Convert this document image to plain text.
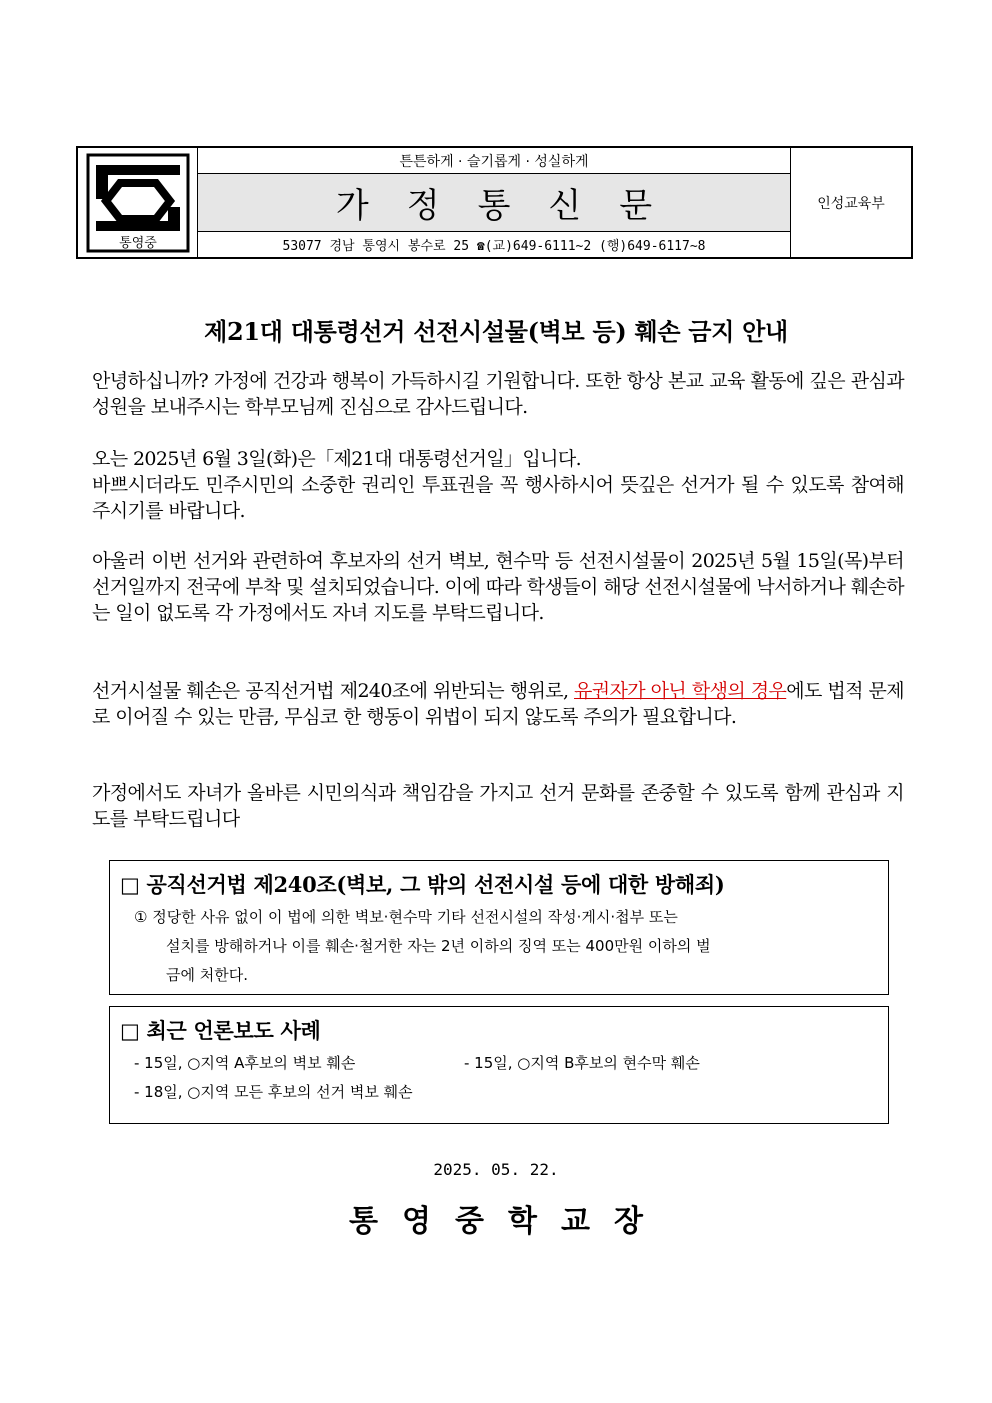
통영중
튼튼하게 · 슬기롭게 · 성실하게
가정통신문
53077 경남 통영시 봉수로 25 ☎(교)649-6111~2 (행)649-6117~8
인성교육부
제21대 대통령선거 선전시설물(벽보 등) 훼손 금지 안내
안녕하십니까? 가정에 건강과 행복이 가득하시길 기원합니다. 또한 항상 본교 교육 활동에 깊은 관심과 성원을 보내주시는 학부모님께 진심으로 감사드립니다.
오는 2025년 6월 3일(화)은「제21대 대통령선거일」입니다.
바쁘시더라도 민주시민의 소중한 권리인 투표권을 꼭 행사하시어 뜻깊은 선거가 될 수 있도록 참여해 주시기를 바랍니다.
아울러 이번 선거와 관련하여 후보자의 선거 벽보, 현수막 등 선전시설물이 2025년 5월 15일(목)부터 선거일까지 전국에 부착 및 설치되었습니다. 이에 따라 학생들이 해당 선전시설물에 낙서하거나 훼손하는 일이 없도록 각 가정에서도 자녀 지도를 부탁드립니다.
선거시설물 훼손은 공직선거법 제240조에 위반되는 행위로, 유권자가 아닌 학생의 경우에도 법적 문제로 이어질 수 있는 만큼, 무심코 한 행동이 위법이 되지 않도록 주의가 필요합니다.
가정에서도 자녀가 올바른 시민의식과 책임감을 가지고 선거 문화를 존중할 수 있도록 함께 관심과 지도를 부탁드립니다
□ 공직선거법 제240조(벽보, 그 밖의 선전시설 등에 대한 방해죄)
① 정당한 사유 없이 이 법에 의한 벽보·현수막 기타 선전시설의 작성·게시·첩부 또는
설치를 방해하거나 이를 훼손·철거한 자는 2년 이하의 징역 또는 400만원 이하의 벌
금에 처한다.
□ 최근 언론보도 사례
- 15일, ○지역 A후보의 벽보 훼손	- 15일, ○지역 B후보의 현수막 훼손
- 18일, ○지역 모든 후보의 선거 벽보 훼손
2025. 05. 22.
통영중학교장
